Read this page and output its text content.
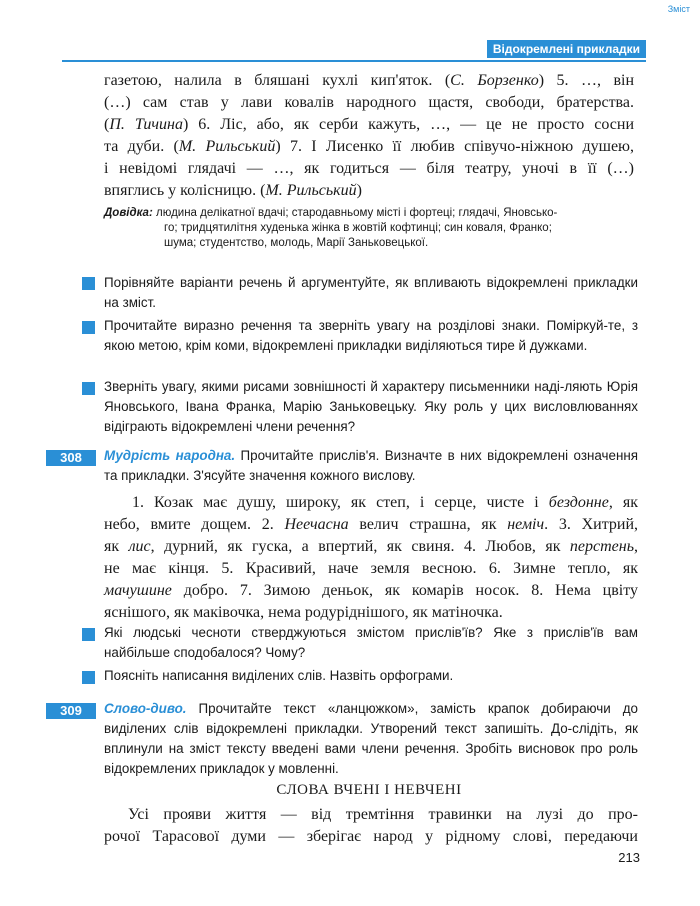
Зміст
Відокремлені прикладки

газетою, налила в бляшані кухлі кип'яток. (С. Борзенко) 5. …, він

(…) сам став у лави ковалів народного щастя, свободи, братерства.

(П. Тичина) 6. Ліс, або, як серби кажуть, …, — це не просто сосни

та дуби. (М. Рильський) 7. І Лисенко її любив співучо-ніжною душею,

і невідомі глядачі — …, як годиться — біля театру, уночі в її (…)

впяглись у колісницю. (М. Рильський)

Довідка: людина делікатної вдачі; стародавньому місті і фортеці; глядачі, Яновсько-
го; тридцятилітня худенька жінка в жовтій кофтинці; син коваля, Франко;
шума; студентство, молодь, Марії Заньковецької.
Порівняйте варіанти речень й аргументуйте, як впливають відокремлені прикладки на зміст.
Прочитайте виразно речення та зверніть увагу на розділові знаки. Поміркуй-те, з якою метою, крім коми, відокремлені прикладки виділяються тире й дужками.
Зверніть увагу, якими рисами зовнішності й характеру письменники наді-ляють Юрія Яновського, Івана Франка, Марію Заньковецьку. Яку роль у цих висловлюваннях відіграють відокремлені члени речення?
308	Мудрість народна. Прочитайте прислів'я. Визначте в них відокремлені означення та прикладки. З'ясуйте значення кожного вислову.

1. Козак має душу, широку, як степ, і серце, чисте і бездонне, як

небо, вмите дощем. 2. Неечасна велич страшна, як неміч. 3. Хитрий,

як лис, дурний, як гуска, а впертий, як свиня. 4. Любов, як перстень,

не має кінця. 5. Красивий, наче земля весною. 6. Зимне тепло, як

мачушине добро. 7. Зимою деньок, як комарів носок. 8. Нема цвіту

яснішого, як маківочка, нема родуріднішого, як матіночка.

Які людські чесноти стверджуються змістом прислів'їв? Яке з прислів'їв вам найбільше сподобалося? Чому?
Поясніть написання виділених слів. Назвіть орфограми.
309	Слово-диво. Прочитайте текст «ланцюжком», замість крапок добираючи до виділених слів відокремлені прикладки. Утворений текст запишіть. До-слідіть, як вплинули на зміст тексту введені вами члени речення. Зробіть висновок про роль відокремлених прикладок у мовленні.
СЛОВА ВЧЕНІ І НЕВЧЕНІ

Усі прояви життя — від тремтіння травинки на лузі до про-

рочої Тарасової думи — зберігає народ у рідному слові, передаючи

213
